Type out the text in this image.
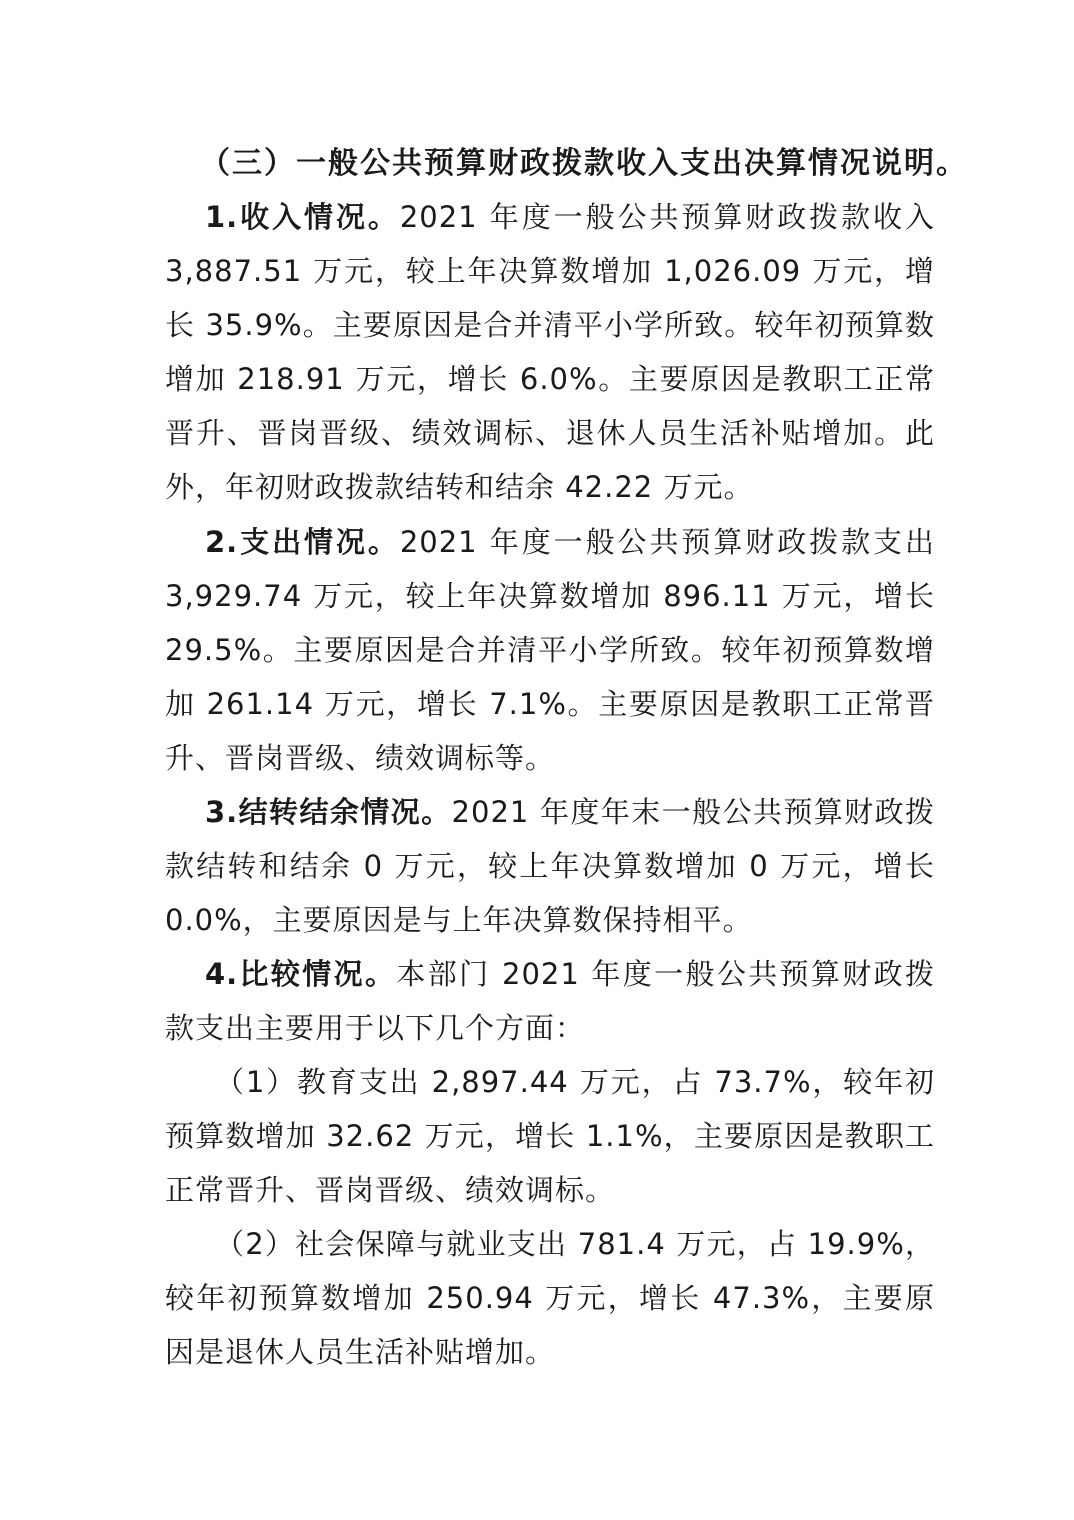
（三）一般公共预算财政拨款收入支出决算情况说明。

1.收入情况。2021 年度一般公共预算财政拨款收入 3,887.51 万元，较上年决算数增加 1,026.09 万元，增长 35.9%。主要原因是合并清平小学所致。较年初预算数增加 218.91 万元，增长 6.0%。主要原因是教职工正常晋升、晋岗晋级、绩效调标、退休人员生活补贴增加。此外，年初财政拨款结转和结余 42.22 万元。

2.支出情况。2021 年度一般公共预算财政拨款支出 3,929.74 万元，较上年决算数增加 896.11 万元，增长 29.5%。主要原因是合并清平小学所致。较年初预算数增加 261.14 万元，增长 7.1%。主要原因是教职工正常晋升、晋岗晋级、绩效调标等。

3.结转结余情况。2021 年度年末一般公共预算财政拨款结转和结余 0 万元，较上年决算数增加 0 万元，增长 0.0%，主要原因是与上年决算数保持相平。

4.比较情况。本部门 2021 年度一般公共预算财政拨款支出主要用于以下几个方面：

（1）教育支出 2,897.44 万元，占 73.7%，较年初预算数增加 32.62 万元，增长 1.1%，主要原因是教职工正常晋升、晋岗晋级、绩效调标。

（2）社会保障与就业支出 781.4 万元，占 19.9%，较年初预算数增加 250.94 万元，增长 47.3%，主要原因是退休人员生活补贴增加。
